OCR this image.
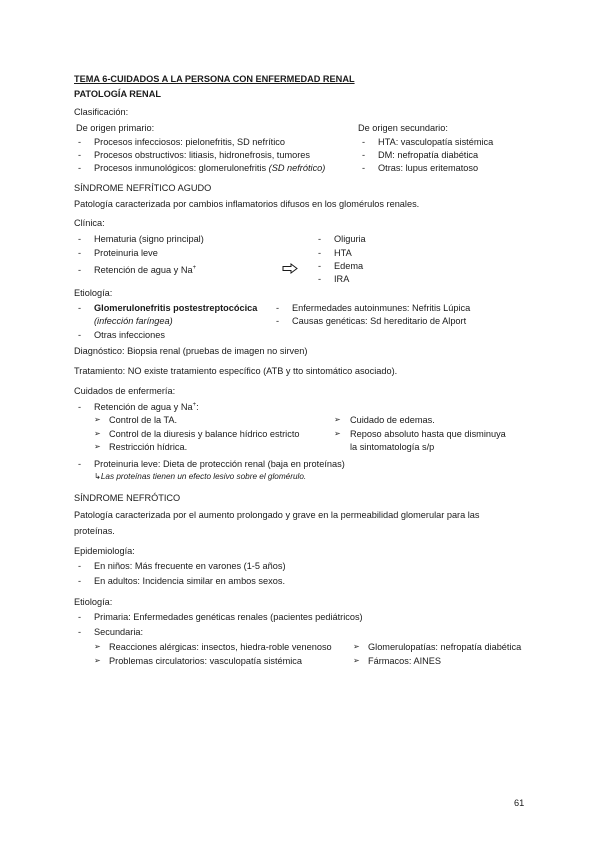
TEMA 6-CUIDADOS A LA PERSONA CON ENFERMEDAD RENAL
PATOLOGÍA RENAL
Clasificación:
De origen primario:
-	Procesos infecciosos: pielonefritis, SD nefrítico
-	Procesos obstructivos: litiasis, hidronefrosis, tumores
-	Procesos inmunológicos: glomerulonefritis (SD nefrótico)
De origen secundario:
-	HTA: vasculopatía sistémica
-	DM: nefropatía diabética
-	Otras: lupus eritematoso
SÍNDROME NEFRÍTICO AGUDO
Patología caracterizada por cambios inflamatorios difusos en los glomérulos renales.
Clínica:
-	Hematuria (signo principal)
-	Proteinuria leve
-	Retención de agua y Na+
-	Oliguria
-	HTA
-	Edema
-	IRA
Etiología:
-	Glomerulonefritis postestreptocócica
(infección faríngea)
-	Otras infecciones
-	Enfermedades autoinmunes: Nefritis Lúpica
-	Causas genéticas: Sd hereditario de Alport
Diagnóstico: Biopsia renal (pruebas de imagen no sirven)
Tratamiento: NO existe tratamiento específico (ATB y tto sintomático asociado).
Cuidados de enfermería:
-	Retención de agua y Na+:
➢ Control de la TA.
➢ Control de la diuresis y balance hídrico estricto
➢ Restricción hídrica.
➢	Cuidado de edemas.
➢	Reposo absoluto hasta que disminuya
la sintomatología s/p
-	Proteinuria leve: Dieta de protección renal (baja en proteínas)
↳Las proteínas tienen un efecto lesivo sobre el glomérulo.
SÍNDROME NEFRÓTICO
Patología caracterizada por el aumento prolongado y grave en la permeabilidad glomerular para las
proteínas.
Epidemiología:
-	En niños: Más frecuente en varones (1-5 años)
-	En adultos: Incidencia similar en ambos sexos.
Etiología:
-	Primaria: Enfermedades genéticas renales (pacientes pediátricos)
-	Secundaria:
➢ Reacciones alérgicas: insectos, hiedra-roble venenoso
➢ Problemas circulatorios: vasculopatía sistémica
➢ Glomerulopatías: nefropatía diabética
➢ Fármacos: AINES
61
